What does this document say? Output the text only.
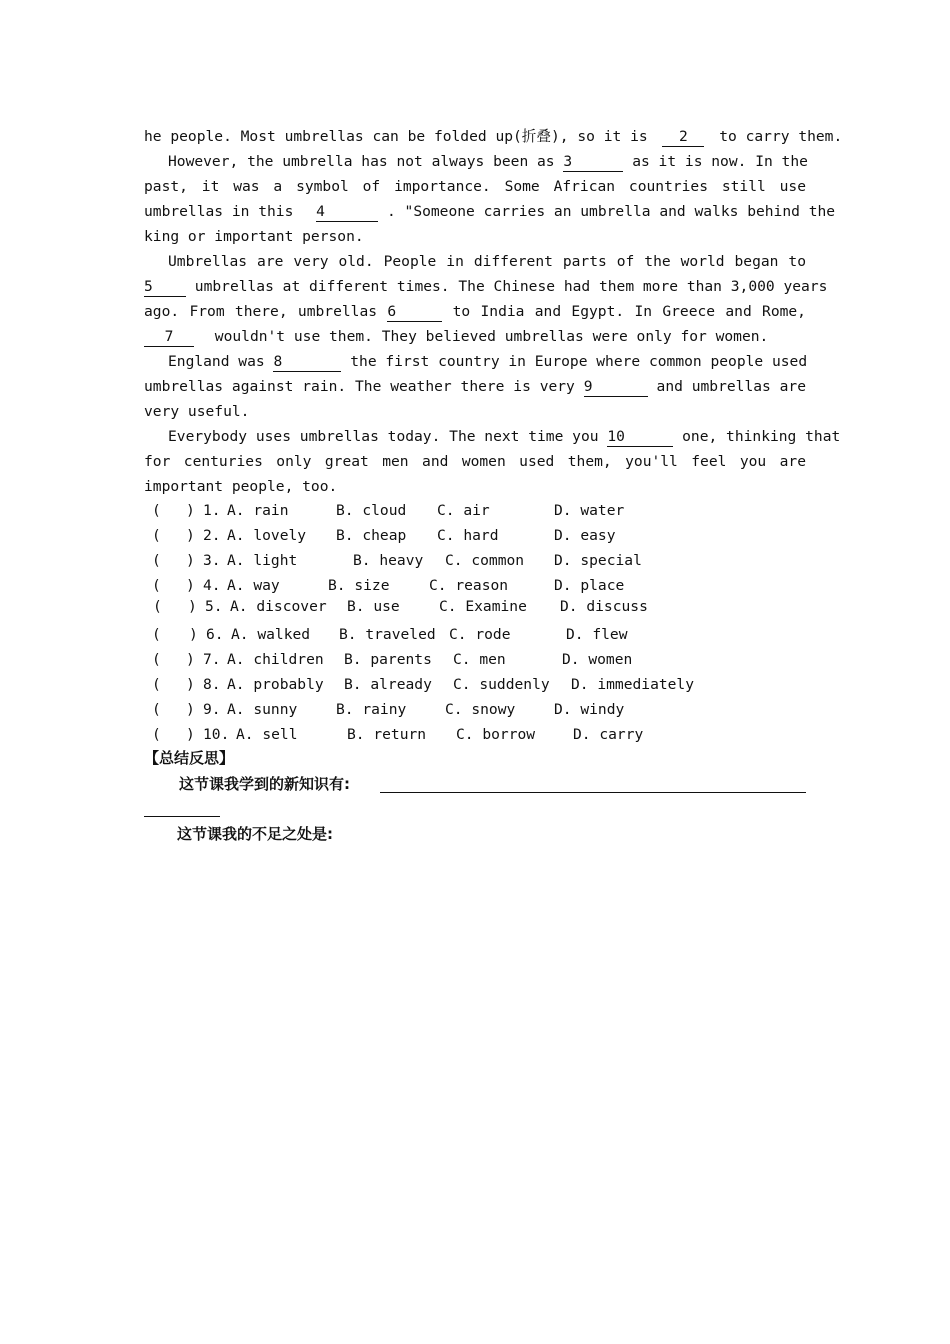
he people. Most umbrellas can be folded up(折叠), so it is 2 to carry them.
However, the umbrella has not always been as 3	as it is now. In the
past, it was a symbol of importance. Some African countries still use
umbrellas in this 4	. "Someone carries an umbrella and walks behind the
king or important person.
Umbrellas are very old. People in different parts of the world began to
5	umbrellas at different times. The Chinese had them more than 3,000 years
ago. From there, umbrellas 6	to India and Egypt. In Greece and Rome,
7	wouldn't use them. They believed umbrellas were only for women.
England was 8	the first country in Europe where common people used
umbrellas against rain. The weather there is very 9	and umbrellas are
very useful.
Everybody uses umbrellas today. The next time you 10	one, thinking that
for centuries only great men and women used them, you'll feel you are
important people, too.
( ) 1. A. rain	B. cloud C. air	D. water
( ) 2. A. lovely B. cheap C. hard	D. easy
( ) 3. A. light	B. heavy C. common D. special
( ) 4. A. way	B. size	C. reason	D. place
( ) 5. A. discover B. use	C. Examine D. discuss
( ) 6. A. walked B. traveled C. rode	D. flew
( ) 7. A. children B. parents C. men	D. women
( ) 8. A. probably B. already C. suddenly D. immediately
( ) 9. A. sunny	B. rainy	C. snowy	D. windy
( ) 10. A. sell	B. return C. borrow	D. carry
【总结反思】
这节课我学到的新知识有:
这节课我的不足之处是:
